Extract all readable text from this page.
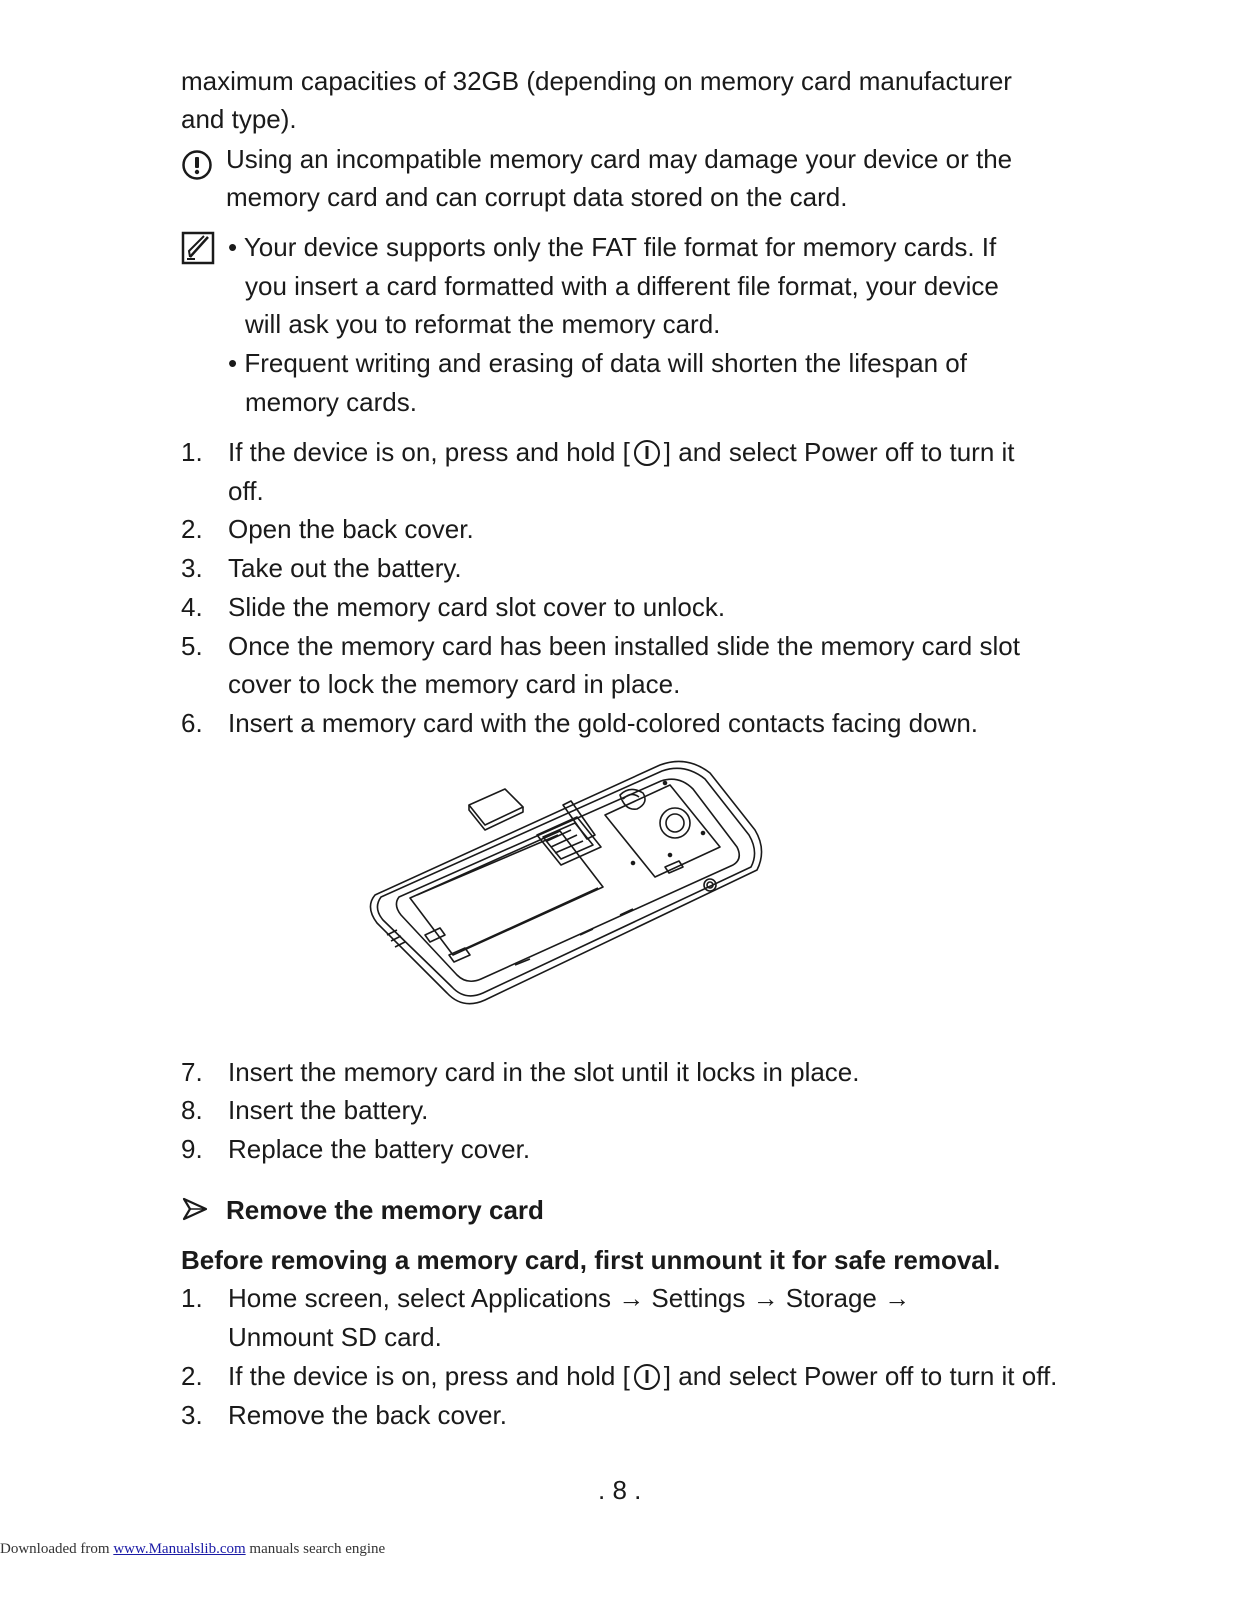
maximum capacities of 32GB (depending on memory card manufacturer
and type).
Using an incompatible memory card may damage your device or the
memory card and can corrupt data stored on the card.
• Your device supports only the FAT file format for memory cards. If
you insert a card formatted with a different file format, your device
will ask you to reformat the memory card.
• Frequent writing and erasing of data will shorten the lifespan of
memory cards.
1. If the device is on, press and hold [ ] and select Power off to turn it
off.
2. Open the back cover.
3. Take out the battery.
4. Slide the memory card slot cover to unlock.
5. Once the memory card has been installed slide the memory card slot
cover to lock the memory card in place.
6. Insert a memory card with the gold-colored contacts facing down.
7. Insert the memory card in the slot until it locks in place.
8. Insert the battery.
9. Replace the battery cover.
Remove the memory card
Before removing a memory card, first unmount it for safe removal.
1. Home screen, select Applications → Settings → Storage →
Unmount SD card.
2. If the device is on, press and hold [ ] and select Power off to turn it off.
3. Remove the back cover.
. 8 .
Downloaded from www.Manualslib.com manuals search engine
